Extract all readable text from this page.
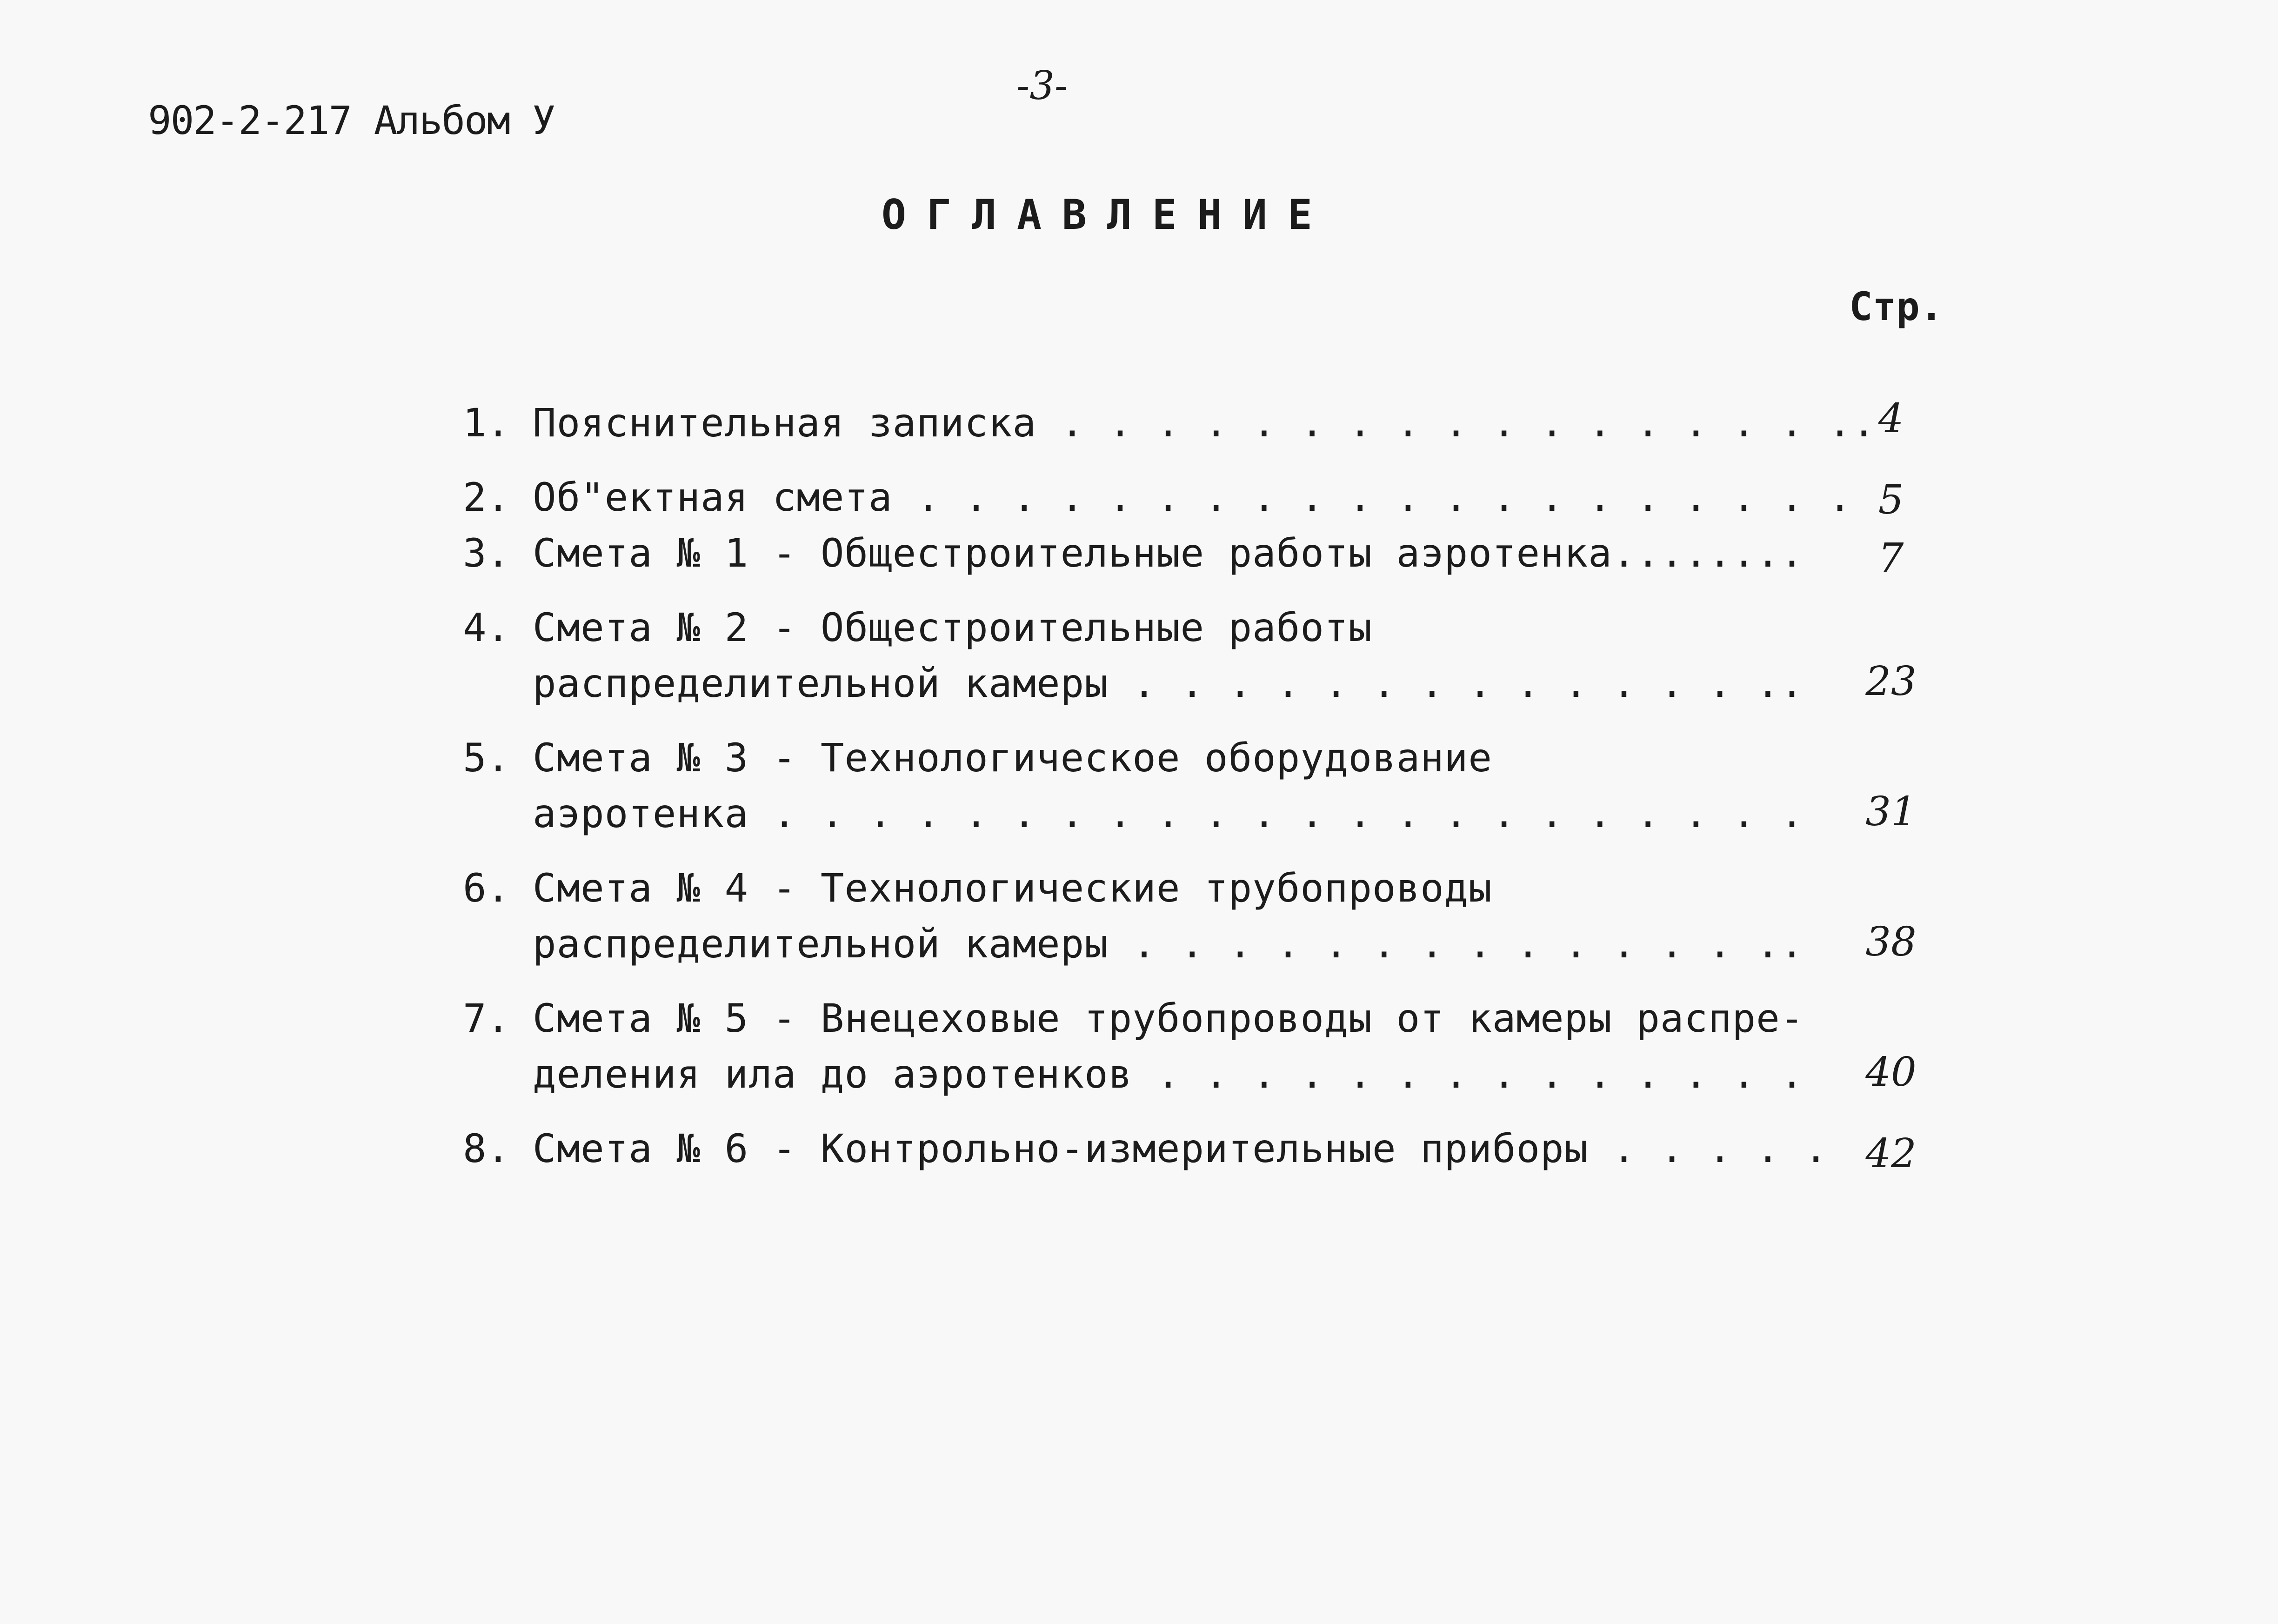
902-2-217 Альбом У
-3-
ОГЛАВЛЕНИЕ
Стр.
1. Пояснительная записка . . . . . . . . . . . . . . . . .. 4
2. Об"ектная смета . . . . . . . . . . . . . . . . . . . . 5
3. Смeта № 1 - Общестроительные работы аэротенка........	7
4. Смета № 2 - Общестроительные работы
распределительной камеры . . . . . . . . . . . . . .. 23
5. Смета № 3 - Технологическое оборудование
аэротенка . . . . . . . . . . . . . . . . . . . . . . 31
6. Смета № 4 - Технологические трубопроводы
распределительной камеры . . . . . . . . . . . . . .. 38
7. Смета № 5 - Внецеховые трубопроводы от камеры распре-
деления ила до аэротенков . . . . . . . . . . . . . . 40
8. Смета № 6 - Контрольно-измерительные приборы . . . . . 42
